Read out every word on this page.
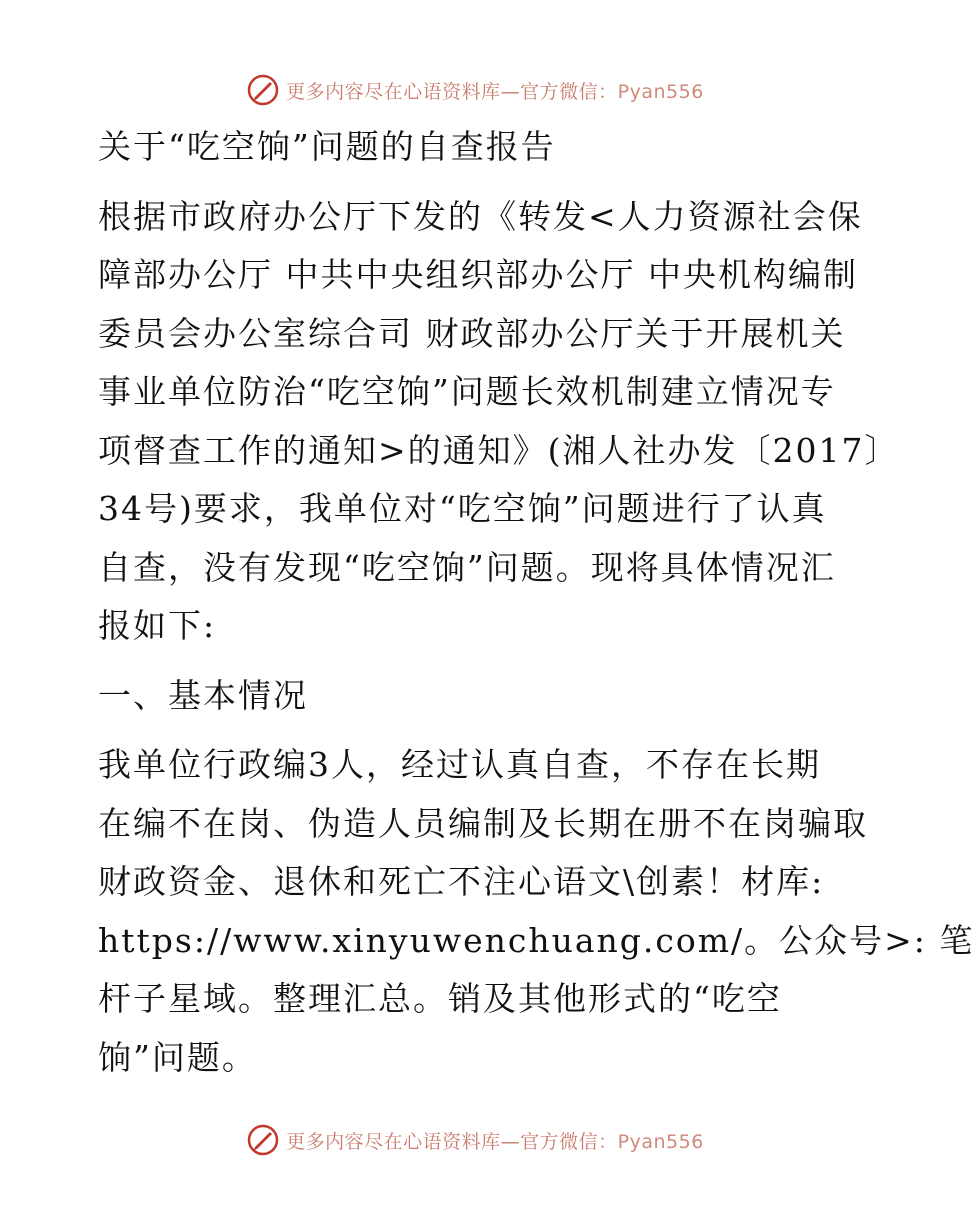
更多内容尽在心语资料库—官方微信：Pyan556
关于“吃空饷”问题的自查报告
根据市政府办公厅下发的《转发<人力资源社会保
障部办公厅 中共中央组织部办公厅 中央机构编制
委员会办公室综合司 财政部办公厅关于开展机关
事业单位防治“吃空饷”问题长效机制建立情况专
项督查工作的通知>的通知》(湘人社办发〔2017〕
34号)要求，我单位对“吃空饷”问题进行了认真
自查，没有发现“吃空饷”问题。现将具体情况汇
报如下:
一、基本情况
我单位行政编3人，经过认真自查，不存在长期
在编不在岗、伪造人员编制及长期在册不在岗骗取
财政资金、退休和死亡不注心语文\创素！材库:
https://www.xinyuwenchuang.com/。公众号>: 笔
杆子星域。整理汇总。销及其他形式的“吃空
饷”问题。
更多内容尽在心语资料库—官方微信：Pyan556
